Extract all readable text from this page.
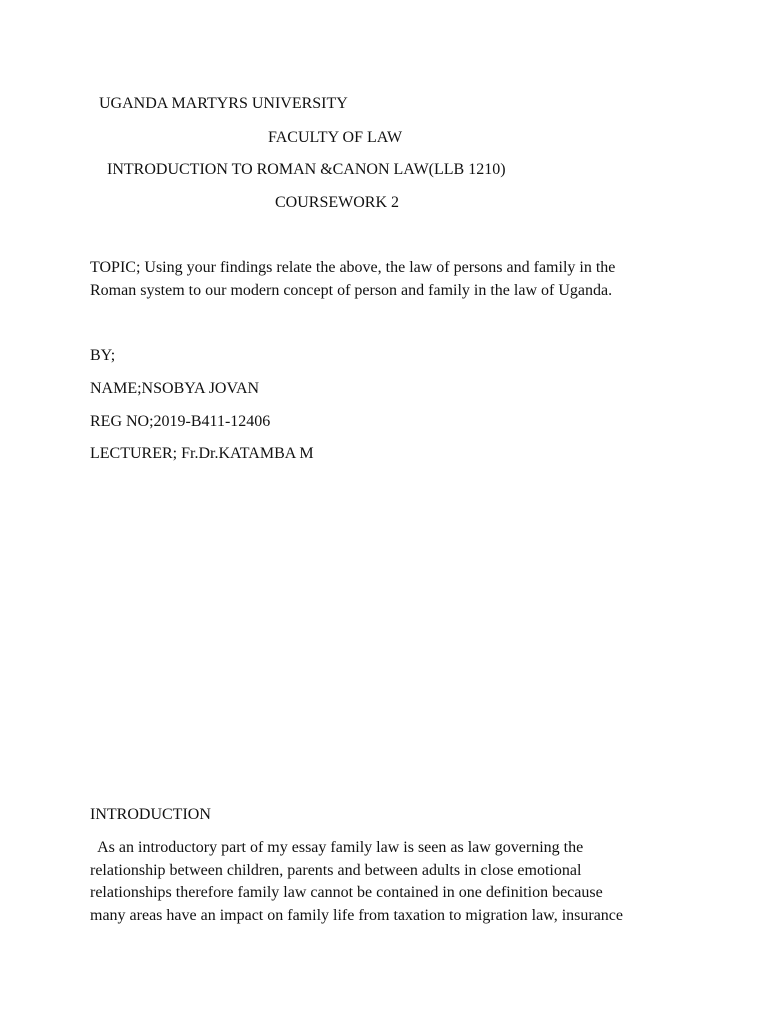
UGANDA MARTYRS UNIVERSITY
FACULTY OF LAW
INTRODUCTION TO ROMAN &CANON LAW(LLB 1210)
COURSEWORK 2
TOPIC; Using your findings relate the above, the law of persons and family in the
Roman system to our modern concept of person and family in the law of Uganda.
BY;
NAME;NSOBYA JOVAN
REG NO;2019-B411-12406
LECTURER; Fr.Dr.KATAMBA M
INTRODUCTION
As an introductory part of my essay family law is seen as law governing the
relationship between children, parents and between adults in close emotional
relationships therefore family law cannot be contained in one definition because
many areas have an impact on family life from taxation to migration law, insurance
